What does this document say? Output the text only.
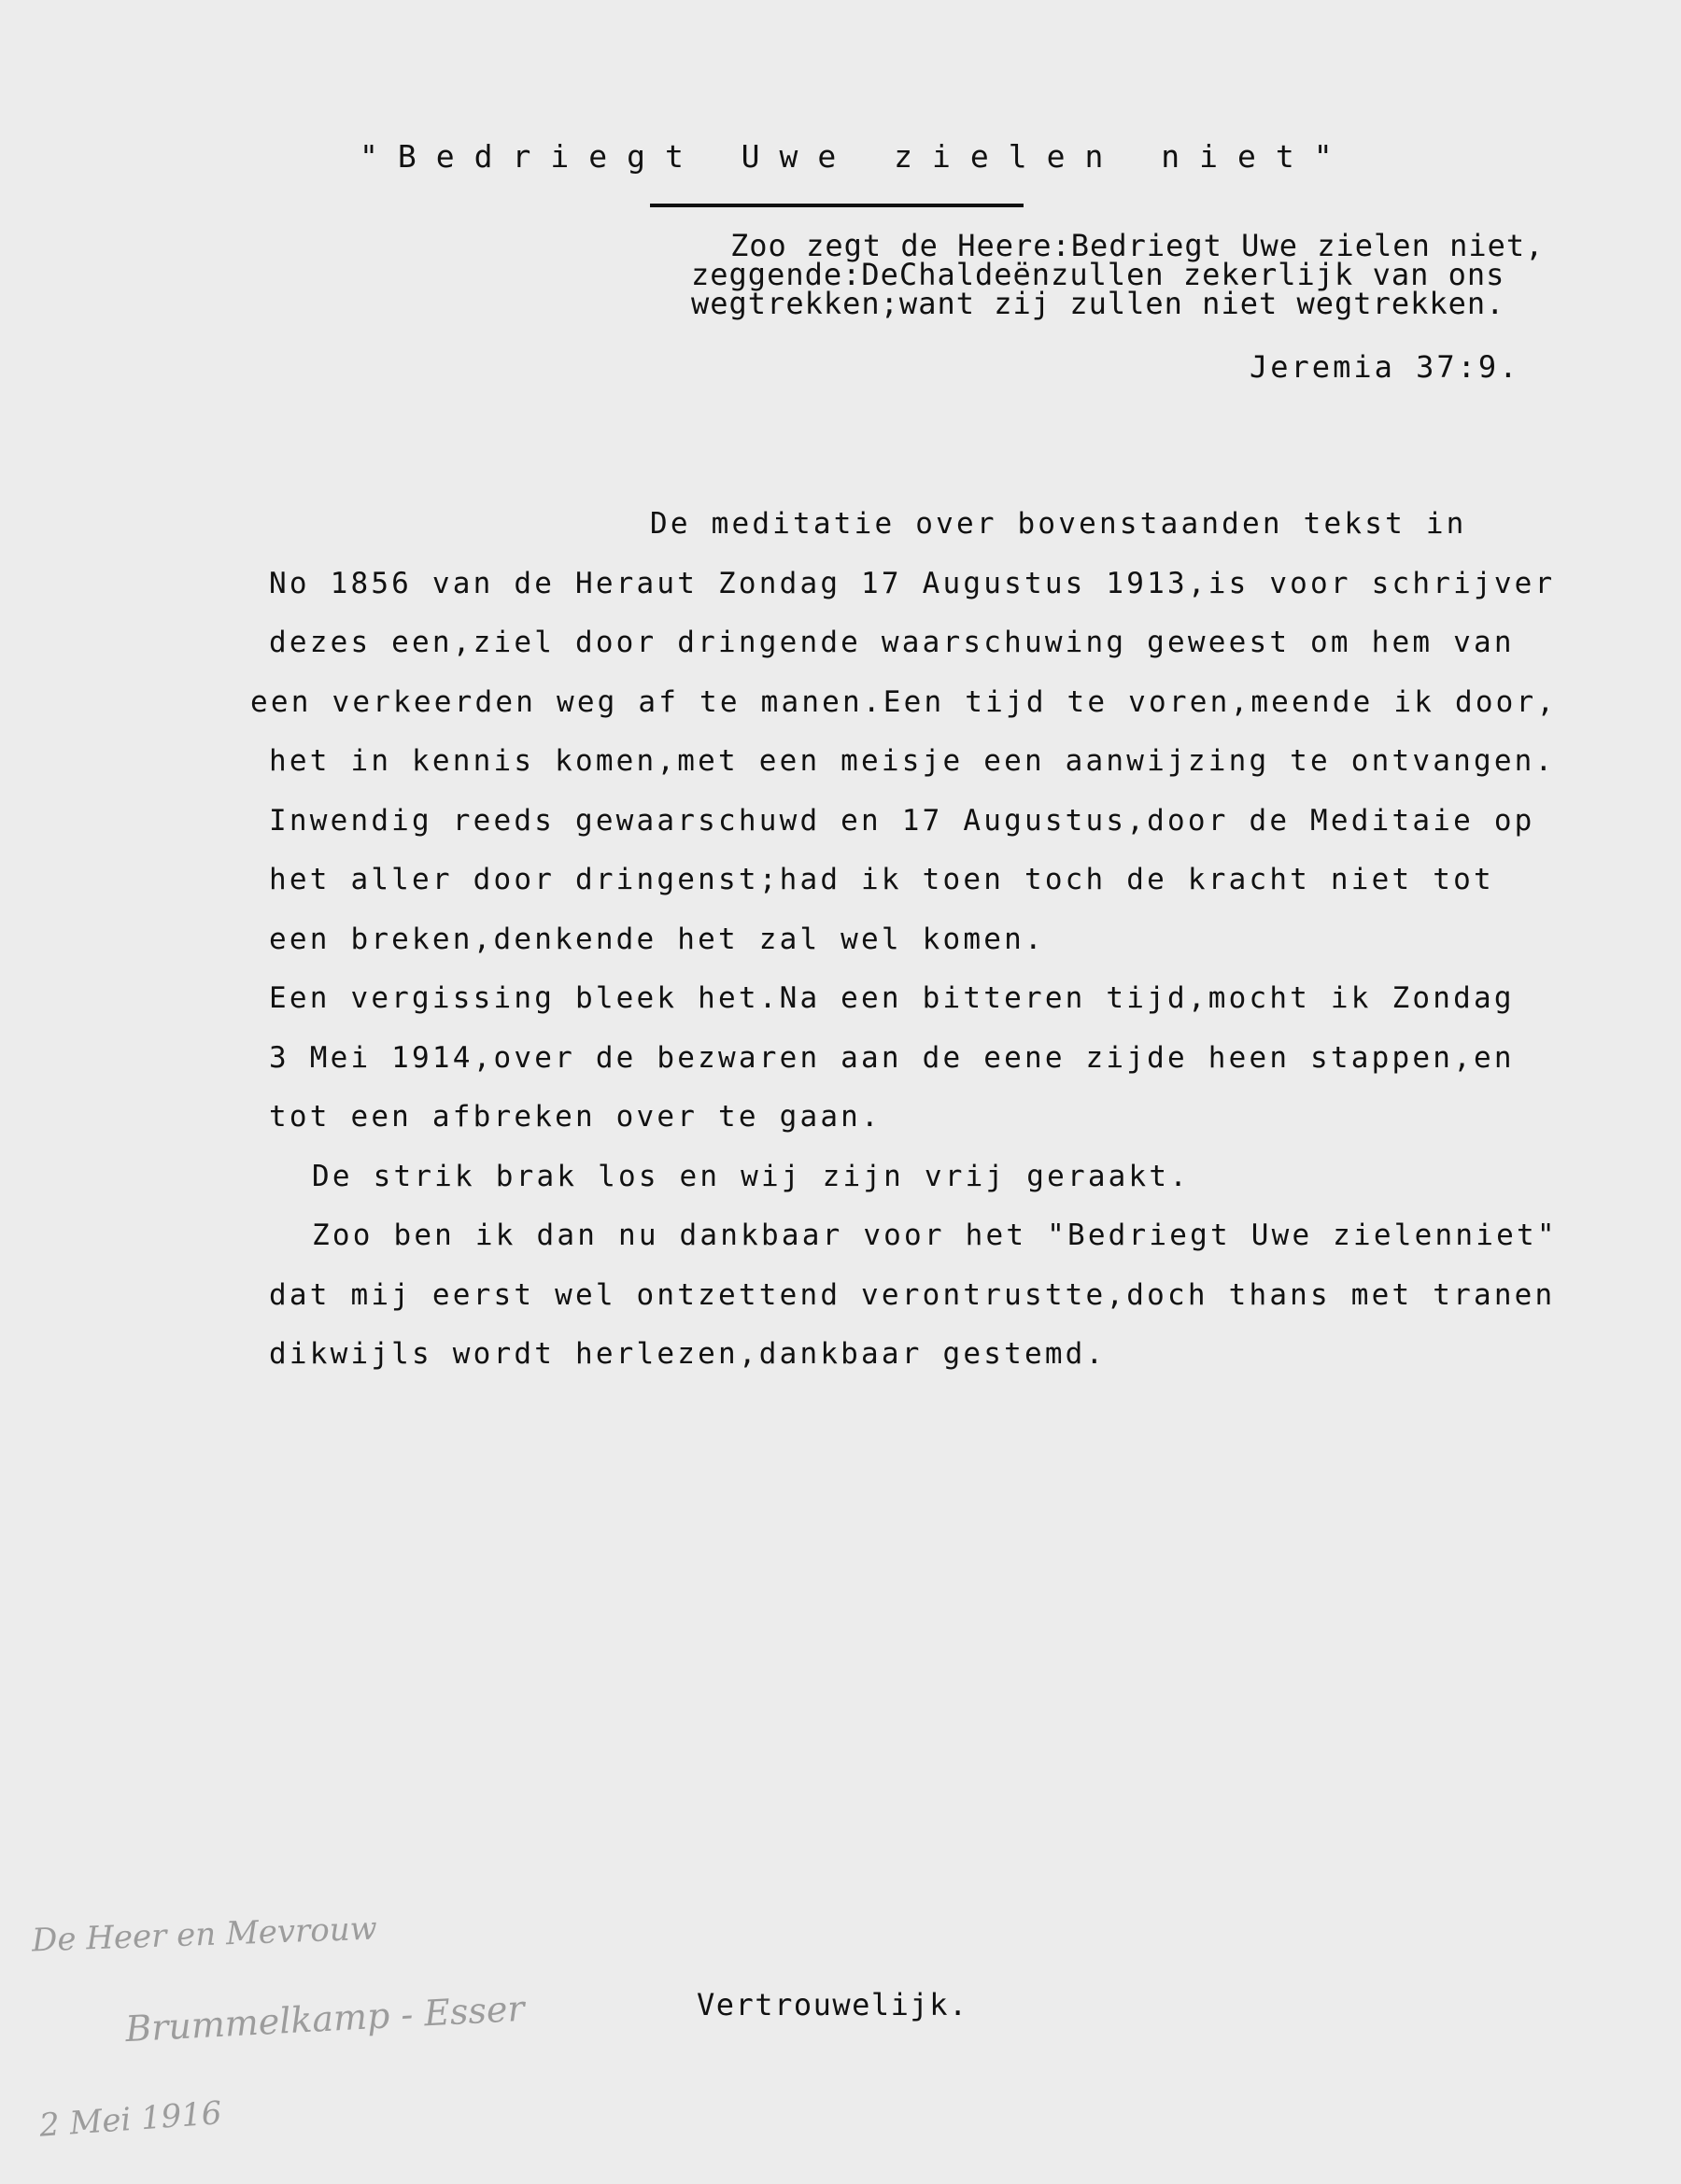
"Bedriegt Uwe zielen niet"
Zoo zegt de Heere:Bedriegt Uwe zielen niet,
zeggende:DeChaldeënzullen zekerlijk van ons
wegtrekken;want zij zullen niet wegtrekken.
Jeremia 37:9.
De meditatie over bovenstaanden tekst in
No 1856 van de Heraut Zondag 17 Augustus 1913,is voor schrijver
dezes een,ziel door dringende waarschuwing geweest om hem van
een verkeerden weg af te manen.Een tijd te voren,meende ik door,
het in kennis komen,met een meisje een aanwijzing te ontvangen.
Inwendig reeds gewaarschuwd en 17 Augustus,door de Meditaie op
het aller door dringenst;had ik toen toch de kracht niet tot
een breken,denkende het zal wel komen.
Een vergissing bleek het.Na een bitteren tijd,mocht ik Zondag
3 Mei 1914,over de bezwaren aan de eene zijde heen stappen,en
tot een afbreken over te gaan.
De strik brak los en wij zijn vrij geraakt.
Zoo ben ik dan nu dankbaar voor het "Bedriegt Uwe zielenniet"
dat mij eerst wel ontzettend verontrustte,doch thans met tranen
dikwijls wordt herlezen,dankbaar gestemd.
Vertrouwelijk.
De Heer en Mevrouw
Brummelkamp - Esser
2 Mei 1916
